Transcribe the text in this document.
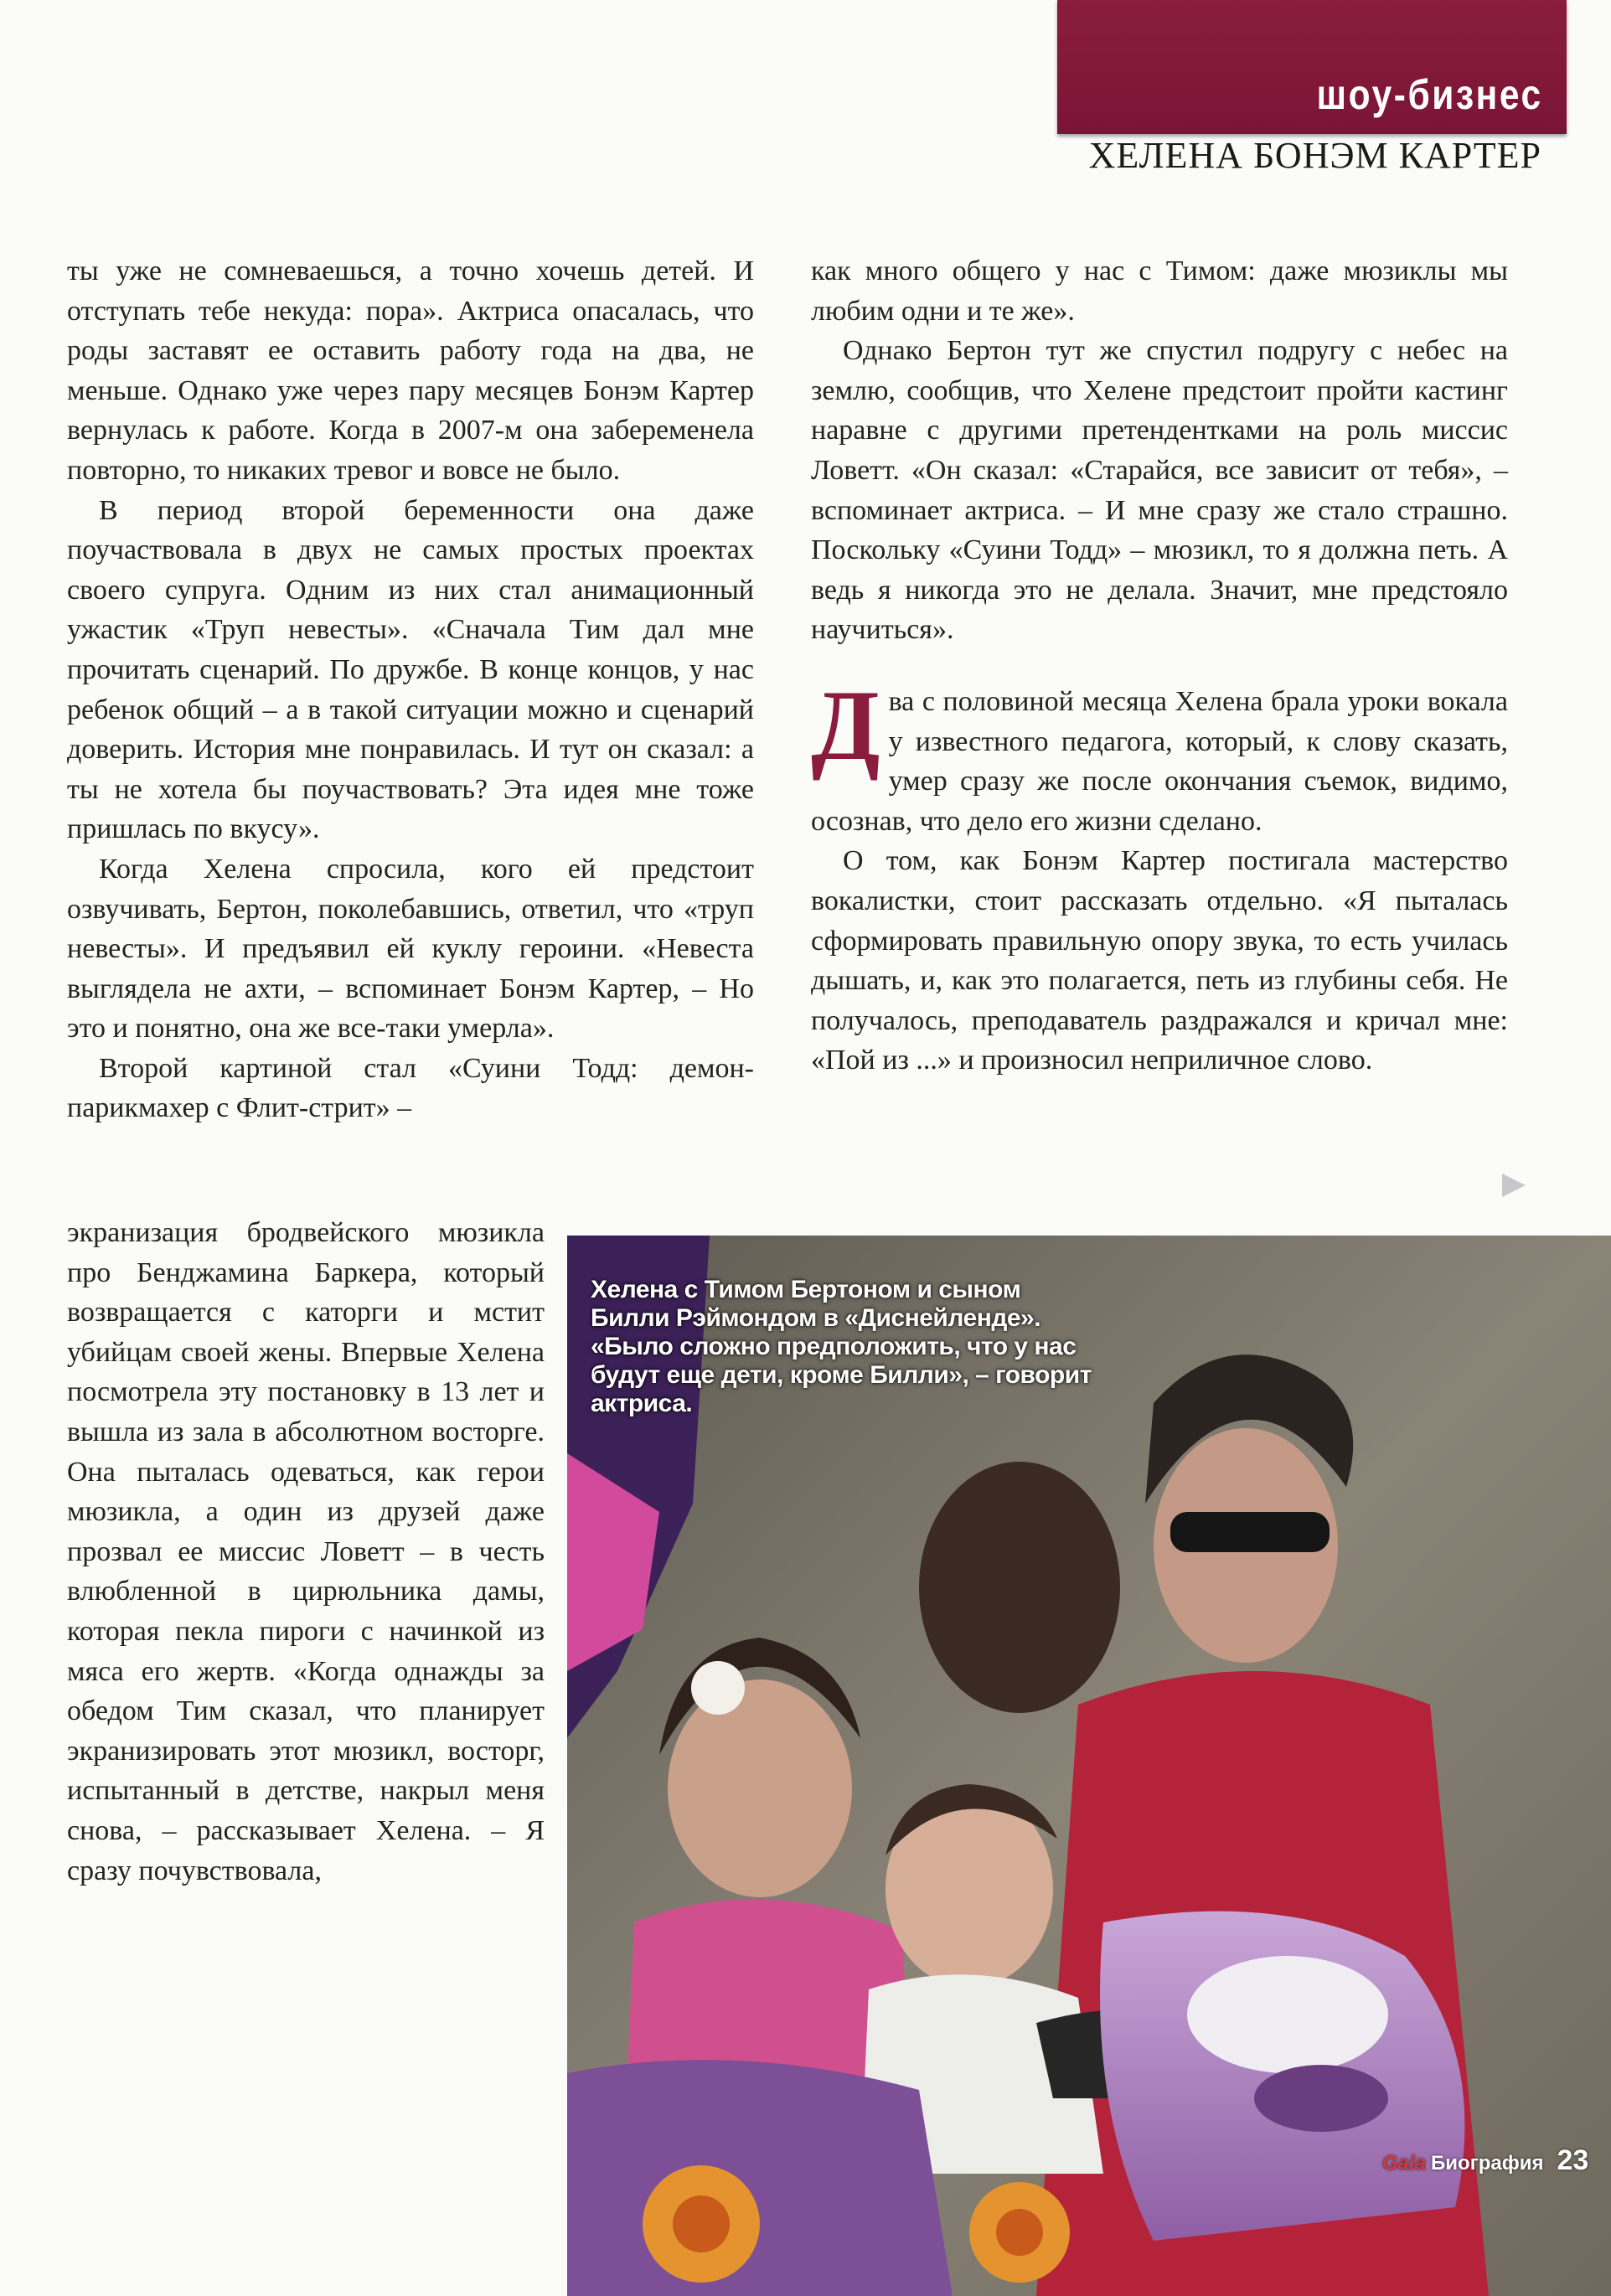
шоу-бизнес
ХЕЛЕНА БОНЭМ КАРТЕР

ты уже не сомневаешься, а точно хочешь детей. И отступать тебе некуда: пора». Актриса опасалась, что роды заставят ее оставить работу года на два, не меньше. Однако уже через пару месяцев Бонэм Картер вернулась к работе. Когда в 2007-м она забеременела повторно, то никаких тревог и вовсе не было.

В период второй беременности она даже поучаствовала в двух не самых простых проектах своего супруга. Одним из них стал анимационный ужастик «Труп невесты». «Сначала Тим дал мне прочитать сценарий. По дружбе. В конце концов, у нас ребенок общий – а в такой ситуации можно и сценарий доверить. История мне понравилась. И тут он сказал: а ты не хотела бы поучаствовать? Эта идея мне тоже пришлась по вкусу».

Когда Хелена спросила, кого ей предстоит озвучивать, Бертон, поколебавшись, ответил, что «труп невесты». И предъявил ей куклу героини. «Невеста выглядела не ахти, – вспоминает Бонэм Картер, – Но это и понятно, она же все-таки умерла».

Второй картиной стал «Суини Тодд: демон-парикмахер с Флит-стрит» –

экранизация бродвейского мюзикла про Бенджамина Баркера, который возвращается с каторги и мстит убийцам своей жены. Впервые Хелена посмотрела эту постановку в 13 лет и вышла из зала в абсолютном восторге. Она пыталась одеваться, как герои мюзикла, а один из друзей даже прозвал ее миссис Ловетт – в честь влюбленной в цирюльника дамы, которая пекла пироги с начинкой из мяса его жертв. «Когда однажды за обедом Тим сказал, что планирует экранизировать этот мюзикл, восторг, испытанный в детстве, накрыл меня снова, – рассказывает Хелена. – Я сразу почувствовала,

как много общего у нас с Тимом: даже мюзиклы мы любим одни и те же».

Однако Бертон тут же спустил подругу с небес на землю, сообщив, что Хелене предстоит пройти кастинг наравне с другими претендентками на роль миссис Ловетт. «Он сказал: «Старайся, все зависит от тебя», – вспоминает актриса. – И мне сразу же стало страшно. Поскольку «Суини Тодд» – мюзикл, то я должна петь. А ведь я никогда это не делала. Значит, мне предстояло научиться».

Два с половиной месяца Хелена брала уроки вокала у известного педагога, который, к слову сказать, умер сразу же после окончания съемок, видимо, осознав, что дело его жизни сделано.

О том, как Бонэм Картер постигала мастерство вокалистки, стоит рассказать отдельно. «Я пыталась сформировать правильную опору звука, то есть училась дышать, и, как это полагается, петь из глубины себя. Не получалось, преподаватель раздражался и кричал мне: «Пой из ...» и произносил неприличное слово.

Хелена с Тимом Бертоном и сыном Билли Рэймондом в «Диснейленде». «Было сложно предположить, что у нас будут еще дети, кроме Билли», – говорит актриса.
Gala Биография 23
